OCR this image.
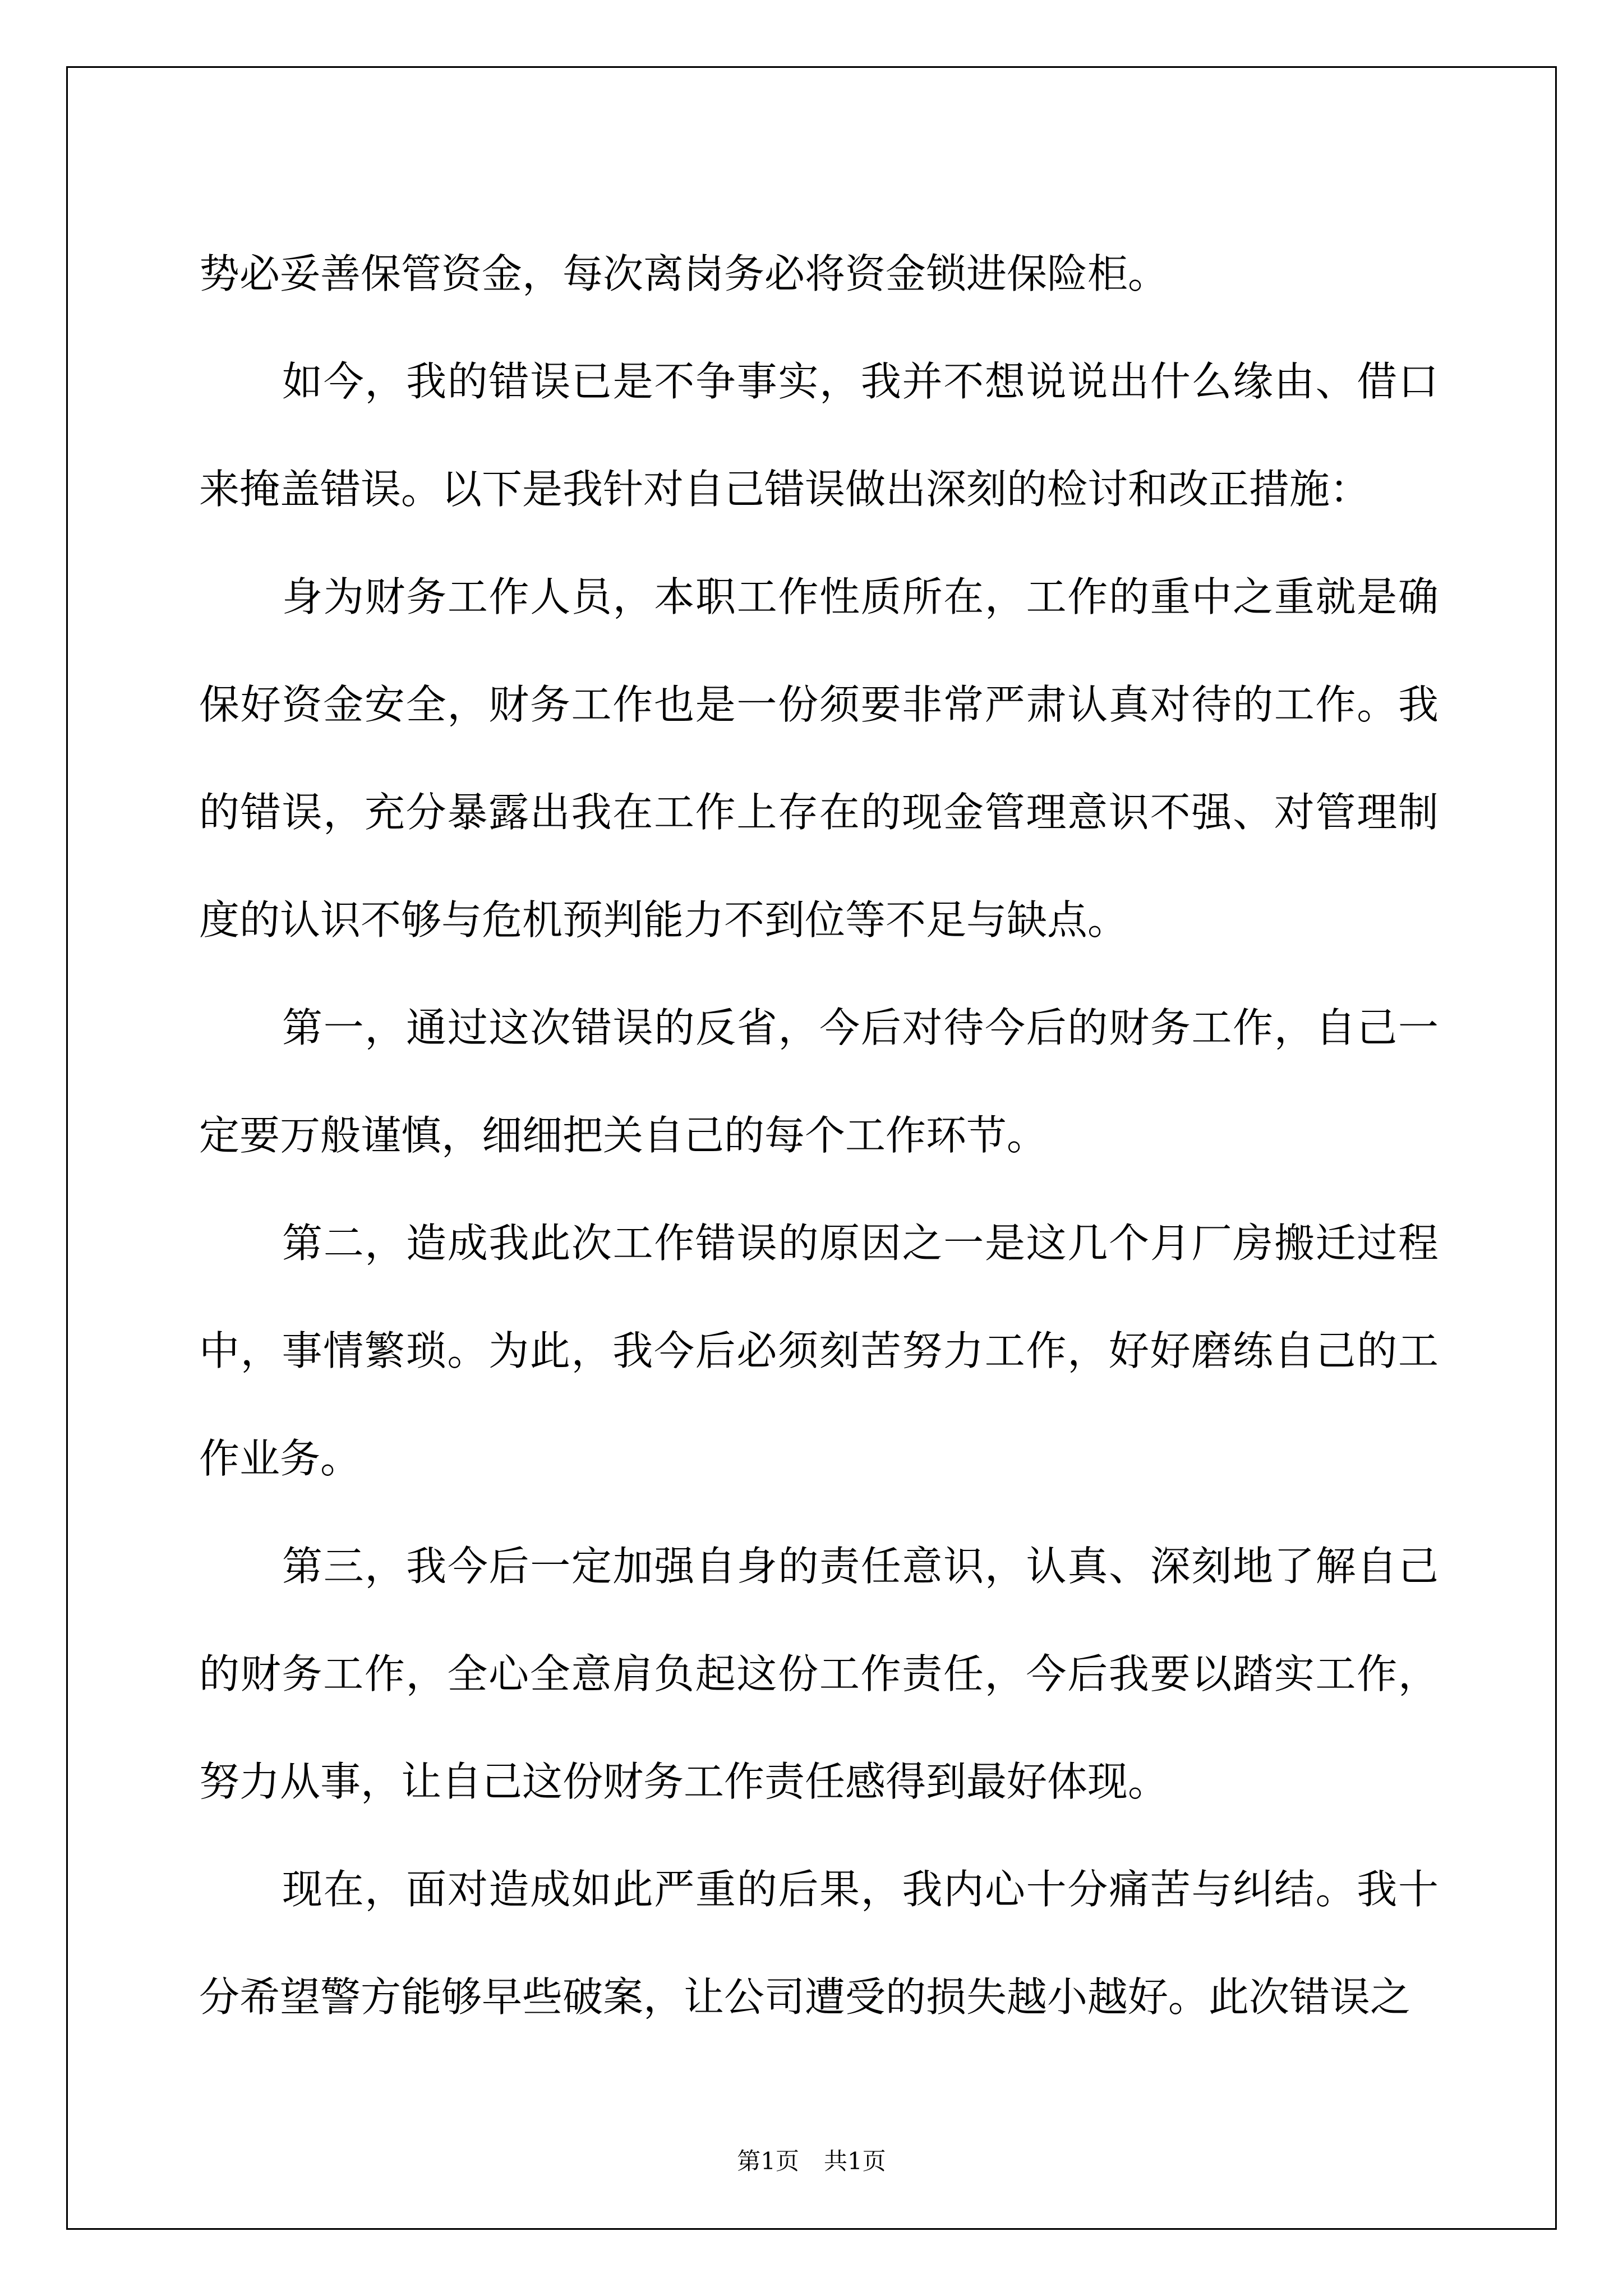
势必妥善保管资金，每次离岗务必将资金锁进保险柜。

如今，我的错误已是不争事实，我并不想说说出什么缘由、借口来掩盖错误。以下是我针对自己错误做出深刻的检讨和改正措施：

身为财务工作人员，本职工作性质所在，工作的重中之重就是确保好资金安全，财务工作也是一份须要非常严肃认真对待的工作。我的错误，充分暴露出我在工作上存在的现金管理意识不强、对管理制度的认识不够与危机预判能力不到位等不足与缺点。

第一，通过这次错误的反省，今后对待今后的财务工作，自己一定要万般谨慎，细细把关自己的每个工作环节。

第二，造成我此次工作错误的原因之一是这几个月厂房搬迁过程中，事情繁琐。为此，我今后必须刻苦努力工作，好好磨练自己的工作业务。

第三，我今后一定加强自身的责任意识，认真、深刻地了解自己的财务工作，全心全意肩负起这份工作责任，今后我要以踏实工作，努力从事，让自己这份财务工作责任感得到最好体现。

现在，面对造成如此严重的后果，我内心十分痛苦与纠结。我十分希望警方能够早些破案，让公司遭受的损失越小越好。此次错误之

第1页 共1页
